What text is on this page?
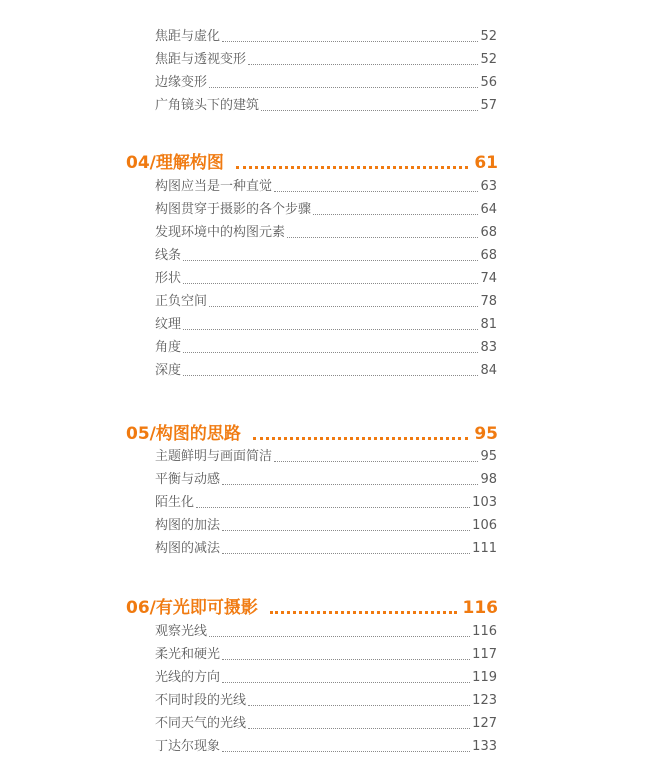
焦距与虚化	52
焦距与透视变形	52
边缘变形	56
广角镜头下的建筑	57
04/理解构图	61
构图应当是一种直觉	63
构图贯穿于摄影的各个步骤	64
发现环境中的构图元素	68
线条	68
形状	74
正负空间	78
纹理	81
角度	83
深度	84
05/构图的思路	95
主题鲜明与画面简洁	95
平衡与动感	98
陌生化	103
构图的加法	106
构图的减法	111
06/有光即可摄影	116
观察光线	116
柔光和硬光	117
光线的方向	119
不同时段的光线	123
不同天气的光线	127
丁达尔现象	133
